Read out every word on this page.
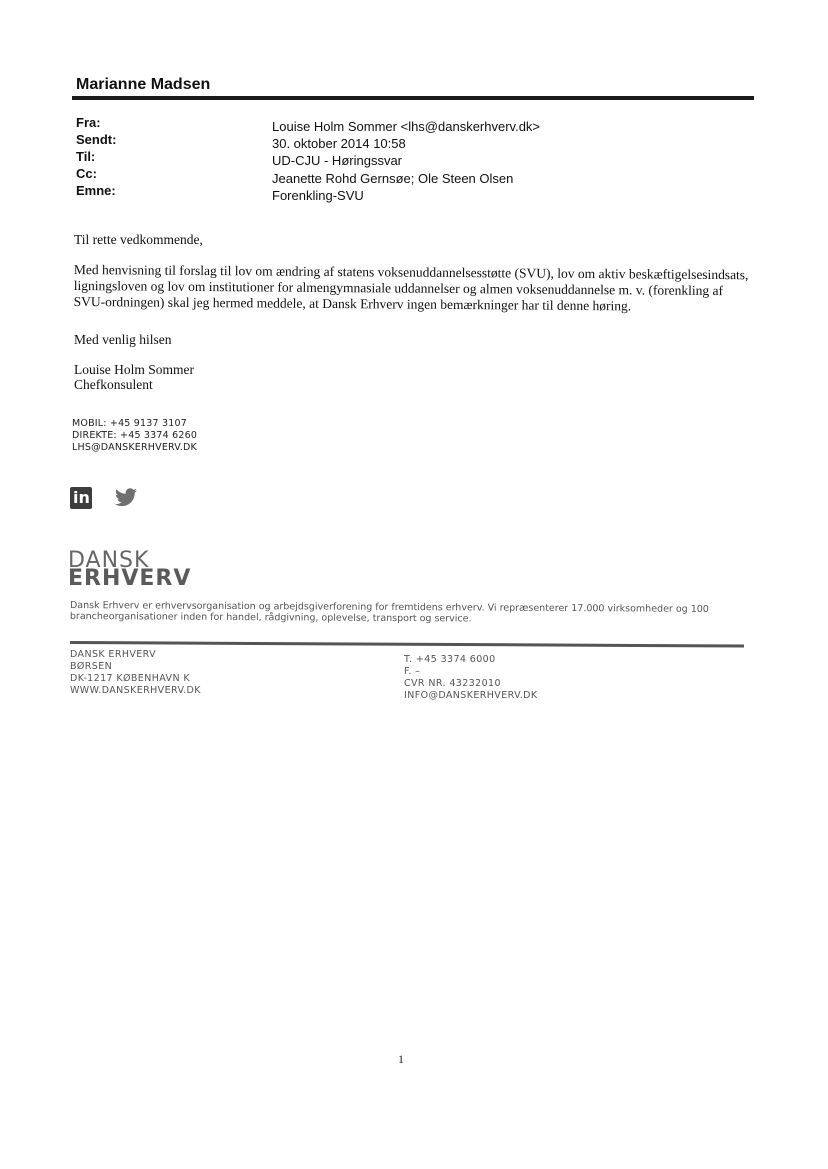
Marianne Madsen
Fra:	Louise Holm Sommer <lhs@danskerhverv.dk>
Sendt:	30. oktober 2014 10:58
Til:	UD-CJU - Høringssvar
Cc:	Jeanette Rohd Gernsøe; Ole Steen Olsen
Emne:	Forenkling-SVU
Til rette vedkommende,
Med henvisning til forslag til lov om ændring af statens voksenuddannelsesstøtte (SVU), lov om aktiv beskæftigelsesindsats,
ligningsloven og lov om institutioner for almengymnasiale uddannelser og almen voksenuddannelse m. v. (forenkling af
SVU-ordningen) skal jeg hermed meddele, at Dansk Erhverv ingen bemærkninger har til denne høring.
Med venlig hilsen
Louise Holm Sommer
Chefkonsulent
MOBIL: +45 9137 3107
DIREKTE: +45 3374 6260
LHS@DANSKERHVERV.DK
in
DANSK
ERHVERV
Dansk Erhverv er erhvervsorganisation og arbejdsgiverforening for fremtidens erhverv. Vi repræsenterer 17.000 virksomheder og 100
brancheorganisationer inden for handel, rådgivning, oplevelse, transport og service.
DANSK ERHVERV
BØRSEN
DK-1217 KØBENHAVN K
WWW.DANSKERHVERV.DK
T. +45 3374 6000
F. –
CVR NR. 43232010
INFO@DANSKERHVERV.DK
1
